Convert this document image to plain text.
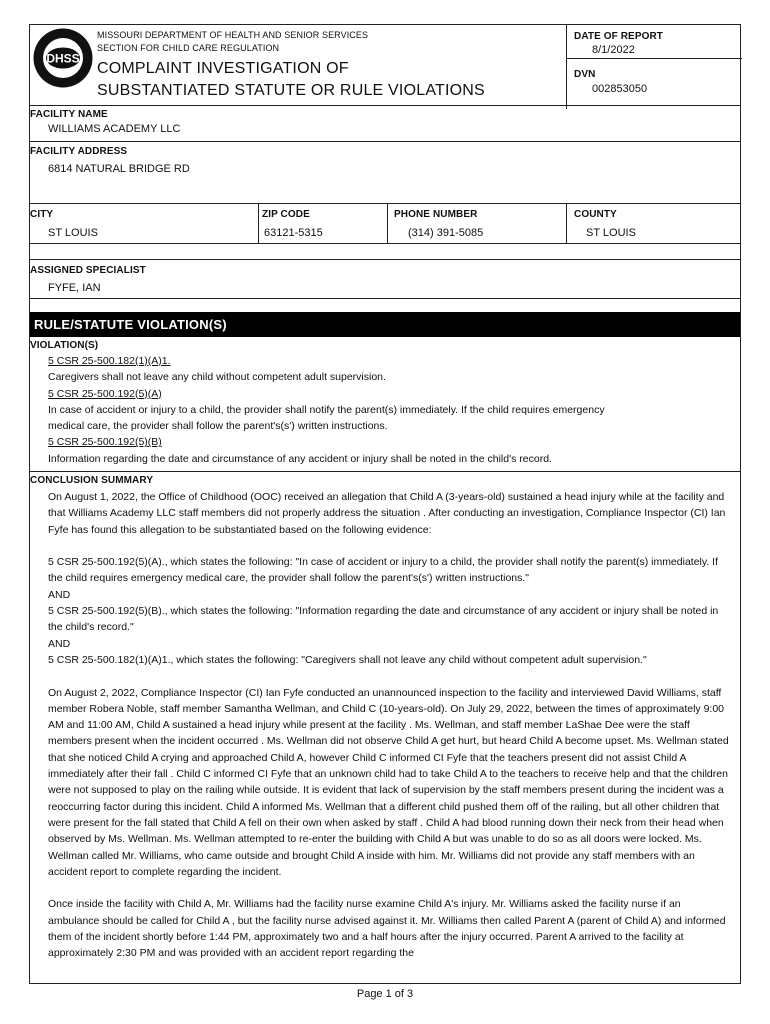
DHSS
MISSOURI DEPARTMENT OF HEALTH AND SENIOR SERVICES
SECTION FOR CHILD CARE REGULATION
COMPLAINT INVESTIGATION OF
SUBSTANTIATED STATUTE OR RULE VIOLATIONS
DATE OF REPORT
8/1/2022
DVN
002853050
FACILITY NAME
WILLIAMS ACADEMY LLC
FACILITY ADDRESS
6814 NATURAL BRIDGE RD
CITY
ST LOUIS
ZIP CODE
63121-5315
PHONE NUMBER
(314) 391-5085
COUNTY
ST LOUIS
ASSIGNED SPECIALIST
FYFE, IAN
RULE/STATUTE VIOLATION(S)
VIOLATION(S)
5 CSR 25-500.182(1)(A)1.
Caregivers shall not leave any child without competent adult supervision.
5 CSR 25-500.192(5)(A)
In case of accident or injury to a child, the provider shall notify the parent(s) immediately. If the child requires emergency
medical care, the provider shall follow the parent's(s') written instructions.
5 CSR 25-500.192(5)(B)
Information regarding the date and circumstance of any accident or injury shall be noted in the child's record.
CONCLUSION SUMMARY

On August 1, 2022, the Office of Childhood (OOC) received an allegation that Child A (3-years-old) sustained a head injury while at the facility and that Williams Academy LLC staff members did not properly address the situation . After conducting an investigation, Compliance Inspector (CI) Ian Fyfe has found this allegation to be substantiated based on the following evidence:

5 CSR 25-500.192(5)(A)., which states the following: "In case of accident or injury to a child, the provider shall notify the parent(s) immediately. If the child requires emergency medical care, the provider shall follow the parent's(s') written instructions."

AND

5 CSR 25-500.192(5)(B)., which states the following: "Information regarding the date and circumstance of any accident or injury shall be noted in the child's record."

AND

5 CSR 25-500.182(1)(A)1., which states the following: "Caregivers shall not leave any child without competent adult supervision."

On August 2, 2022, Compliance Inspector (CI) Ian Fyfe conducted an unannounced inspection to the facility and interviewed David Williams, staff member Robera Noble, staff member Samantha Wellman, and Child C (10-years-old). On July 29, 2022, between the times of approximately 9:00 AM and 11:00 AM, Child A sustained a head injury while present at the facility . Ms. Wellman, and staff member LaShae Dee were the staff members present when the incident occurred . Ms. Wellman did not observe Child A get hurt, but heard Child A become upset. Ms. Wellman stated that she noticed Child A crying and approached Child A, however Child C informed CI Fyfe that the teachers present did not assist Child A immediately after their fall . Child C informed CI Fyfe that an unknown child had to take Child A to the teachers to receive help and that the children were not supposed to play on the railing while outside. It is evident that lack of supervision by the staff members present during the incident was a reoccurring factor during this incident. Child A informed Ms. Wellman that a different child pushed them off of the railing, but all other children that were present for the fall stated that Child A fell on their own when asked by staff . Child A had blood running down their neck from their head when observed by Ms. Wellman. Ms. Wellman attempted to re-enter the building with Child A but was unable to do so as all doors were locked. Ms. Wellman called Mr. Williams, who came outside and brought Child A inside with him. Mr. Williams did not provide any staff members with an accident report to complete regarding the incident.

Once inside the facility with Child A, Mr. Williams had the facility nurse examine Child A's injury. Mr. Williams asked the facility nurse if an ambulance should be called for Child A , but the facility nurse advised against it. Mr. Williams then called Parent A (parent of Child A) and informed them of the incident shortly before 1:44 PM, approximately two and a half hours after the injury occurred. Parent A arrived to the facility at approximately 2:30 PM and was provided with an accident report regarding the

Page 1 of 3
